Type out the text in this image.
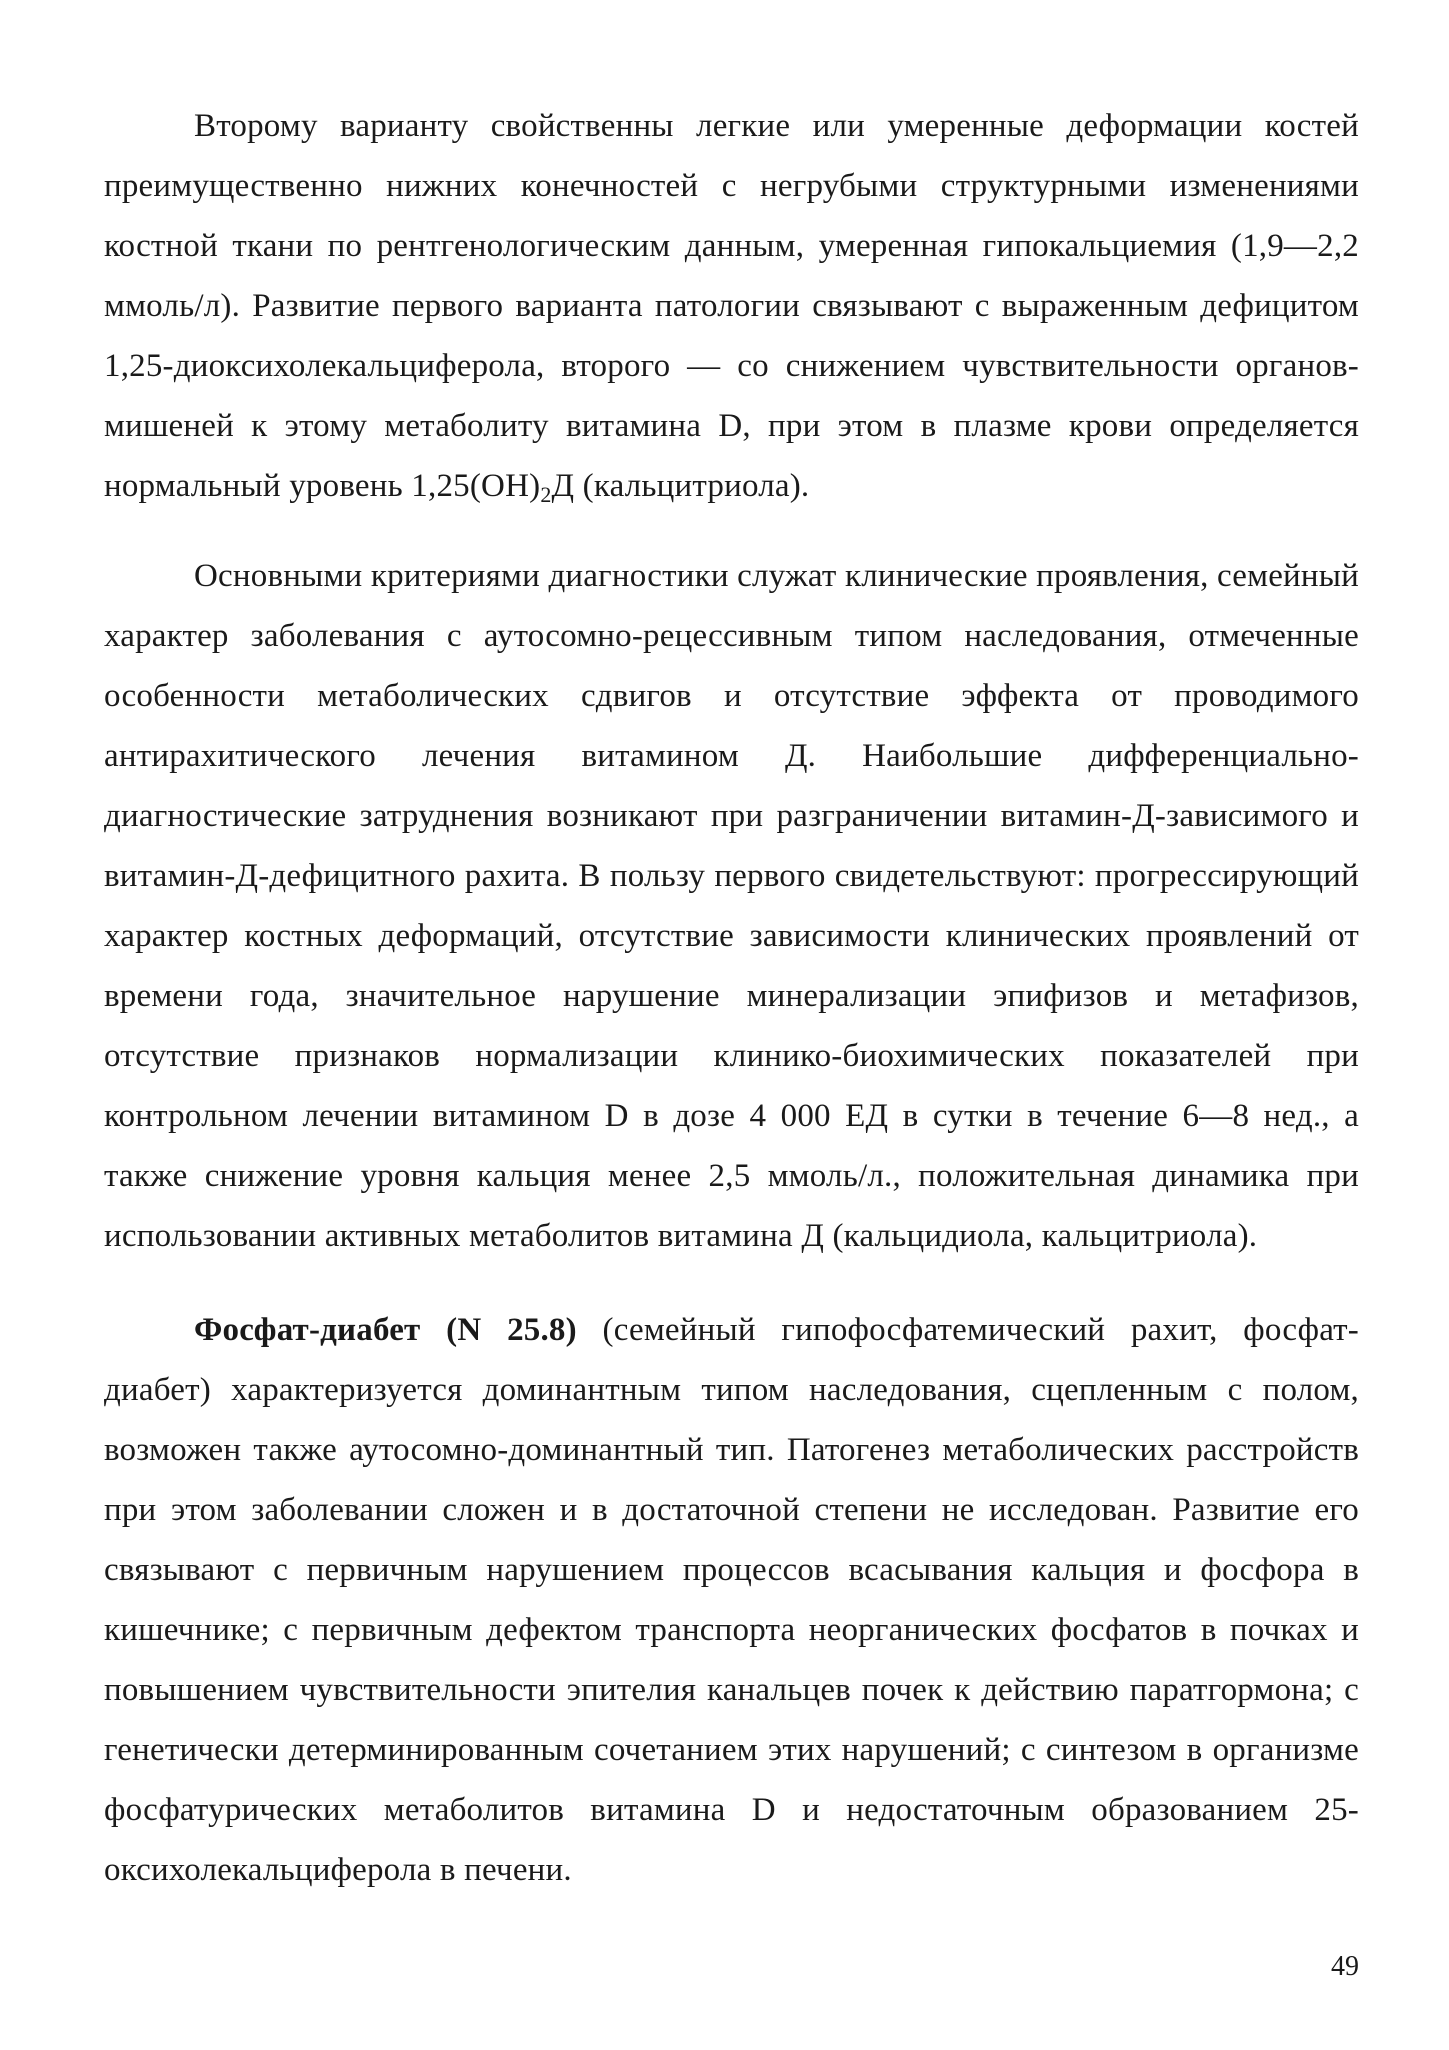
Второму варианту свойственны легкие или умеренные деформации костей преимущественно нижних конечностей с негрубыми структурными изменениями костной ткани по рентгенологическим данным, умеренная гипокальциемия (1,9—2,2 ммоль/л). Развитие первого варианта патологии связывают с выраженным дефицитом 1,25-диоксихолекальциферола, второго — со снижением чувствительности органов-мишеней к этому метаболиту витамина D, при этом в плазме крови определяется нормальный уровень $1,25(ОН)_2Д$ (кальцитриола).

Основными критериями диагностики служат клинические проявления, семейный характер заболевания с аутосомно-рецессивным типом наследования, отмеченные особенности метаболических сдвигов и отсутствие эффекта от проводимого антирахитического лечения витамином Д. Наибольшие дифференциально-диагностические затруднения возникают при разграничении витамин-Д-зависимого и витамин-Д-дефицитного рахита. В пользу первого свидетельствуют: прогрессирующий характер костных деформаций, отсутствие зависимости клинических проявлений от времени года, значительное нарушение минерализации эпифизов и метафизов, отсутствие признаков нормализации клинико-биохимических показателей при контрольном лечении витамином D в дозе 4 000 ЕД в сутки в течение 6—8 нед., а также снижение уровня кальция менее 2,5 ммоль/л., положительная динамика при использовании активных метаболитов витамина Д (кальцидиола, кальцитриола).

Фосфат-диабет (N 25.8) (семейный гипофосфатемический рахит, фосфат-диабет) характеризуется доминантным типом наследования, сцепленным с полом, возможен также аутосомно-доминантный тип. Патогенез метаболических расстройств при этом заболевании сложен и в достаточной степени не исследован. Развитие его связывают с первичным нарушением процессов всасывания кальция и фосфора в кишечнике; с первичным дефектом транспорта неорганических фосфатов в почках и повышением чувствительности эпителия канальцев почек к действию паратгормона; с генетически детерминированным сочетанием этих нарушений; с синтезом в организме фосфатурических метаболитов витамина D и недостаточным образованием 25-оксихолекальциферола в печени.

49
